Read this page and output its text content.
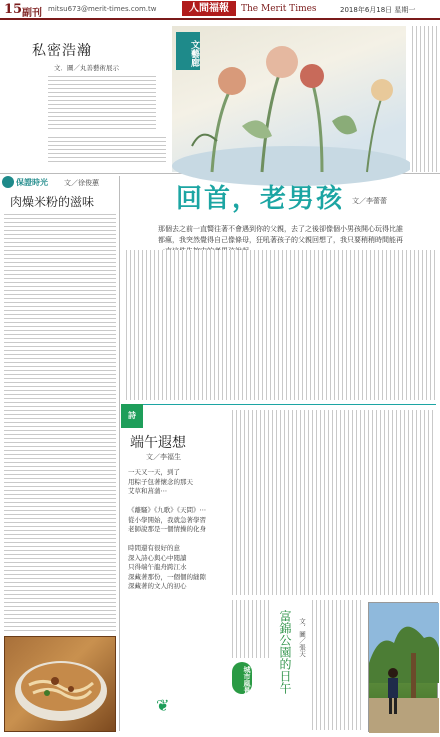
15 副刊 mitsu673@merit-times.com.tw	人間福報	The Merit Times	2018年6月18日 星期一
私密浩瀚
文．圖／丸善藝術展示
文藝廊
保證時光 文／徐俊蕙
肉燥米粉的滋味	回首，老男孩 文／李蕾蕾
那個去之前一直嚮往著不會遇到你的父親，去了之後卻像個小男孩開心玩得比誰都瘋，我突然覺得自己像條母，狂吼著孩子的父親回想了，我只要稍稍時間能再
詩
端午遐想
文／李福生
一天又一天，到了
用粽子包著懷念的那天
艾草和菖蒲⋯

《離騷》《九歌》《天問》⋯
從小學開始，我就急著學習
老師說那是一個情操的化身

時間還有很好的意
深入詩心與心中閱讀
只得端午龍舟跨江水
深藏著那份，一個個的縫隙
深藏著的文人的初心
❦
城市風景 富錦公園的日午 文．圖／張天
